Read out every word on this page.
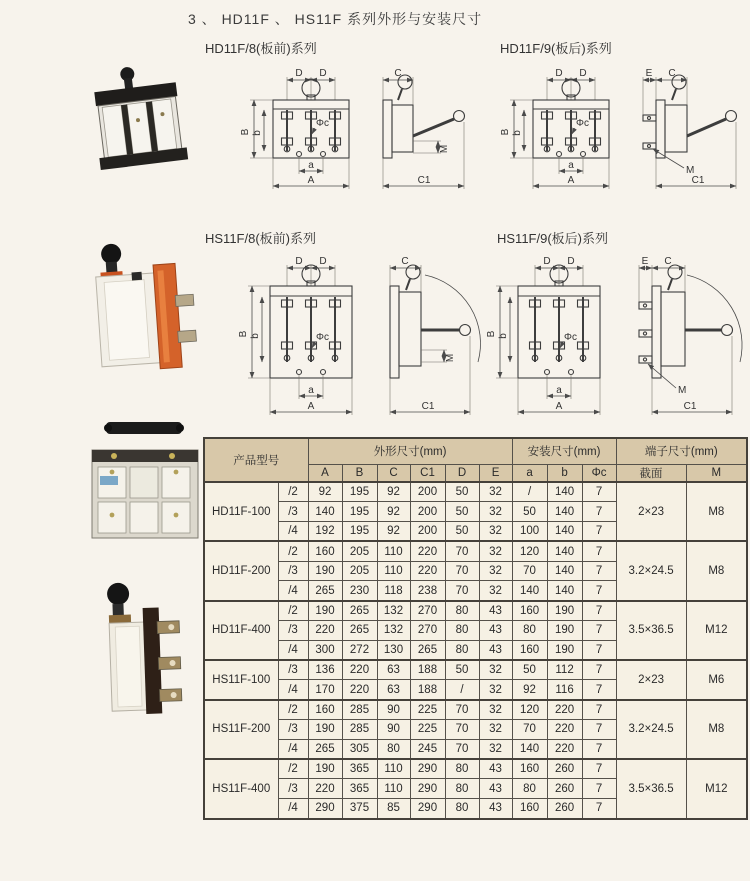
3 、 HD11F 、 HS11F 系列外形与安装尺寸
HD11F/8(板前)系列	HD11F/9(板后)系列
HS11F/8(板前)系列	HS11F/9(板后)系列
D D
B b
Φc
a
A
C
M
C1
D D
B b
Φc
a
A
E C
M
C1
D D
B b	Φc
a
A
C
M
C1
D D
B b	Φc
a
A
E C
M
C1
产品型号		外形尺寸(mm)						安装尺寸(mm)			端子尺寸(mm)	
		A	B	C	C1	D	E	a	b	Φc	截面	M
HD11F-100	/2	92	195	92	200	50	32	/	140	7	2×23	M8
	/3	140	195	92	200	50	32	50	140	7		
	/4	192	195	92	200	50	32	100	140	7		
HD11F-200	/2	160	205	110	220	70	32	120	140	7	3.2×24.5	M8
	/3	190	205	110	220	70	32	70	140	7		
	/4	265	230	118	238	70	32	140	140	7		
HD11F-400	/2	190	265	132	270	80	43	160	190	7	3.5×36.5	M12
	/3	220	265	132	270	80	43	80	190	7		
	/4	300	272	130	265	80	43	160	190	7		
HS11F-100	/3	136	220	63	188	50	32	50	112	7	2×23	M6
	/4	170	220	63	188	/	32	92	116	7		
HS11F-200	/2	160	285	90	225	70	32	120	220	7	3.2×24.5	M8
	/3	190	285	90	225	70	32	70	220	7		
	/4	265	305	80	245	70	32	140	220	7		
HS11F-400	/2	190	365	110	290	80	43	160	260	7	3.5×36.5	M12
	/3	220	365	110	290	80	43	80	260	7		
	/4	290	375	85	290	80	43	160	260	7		
